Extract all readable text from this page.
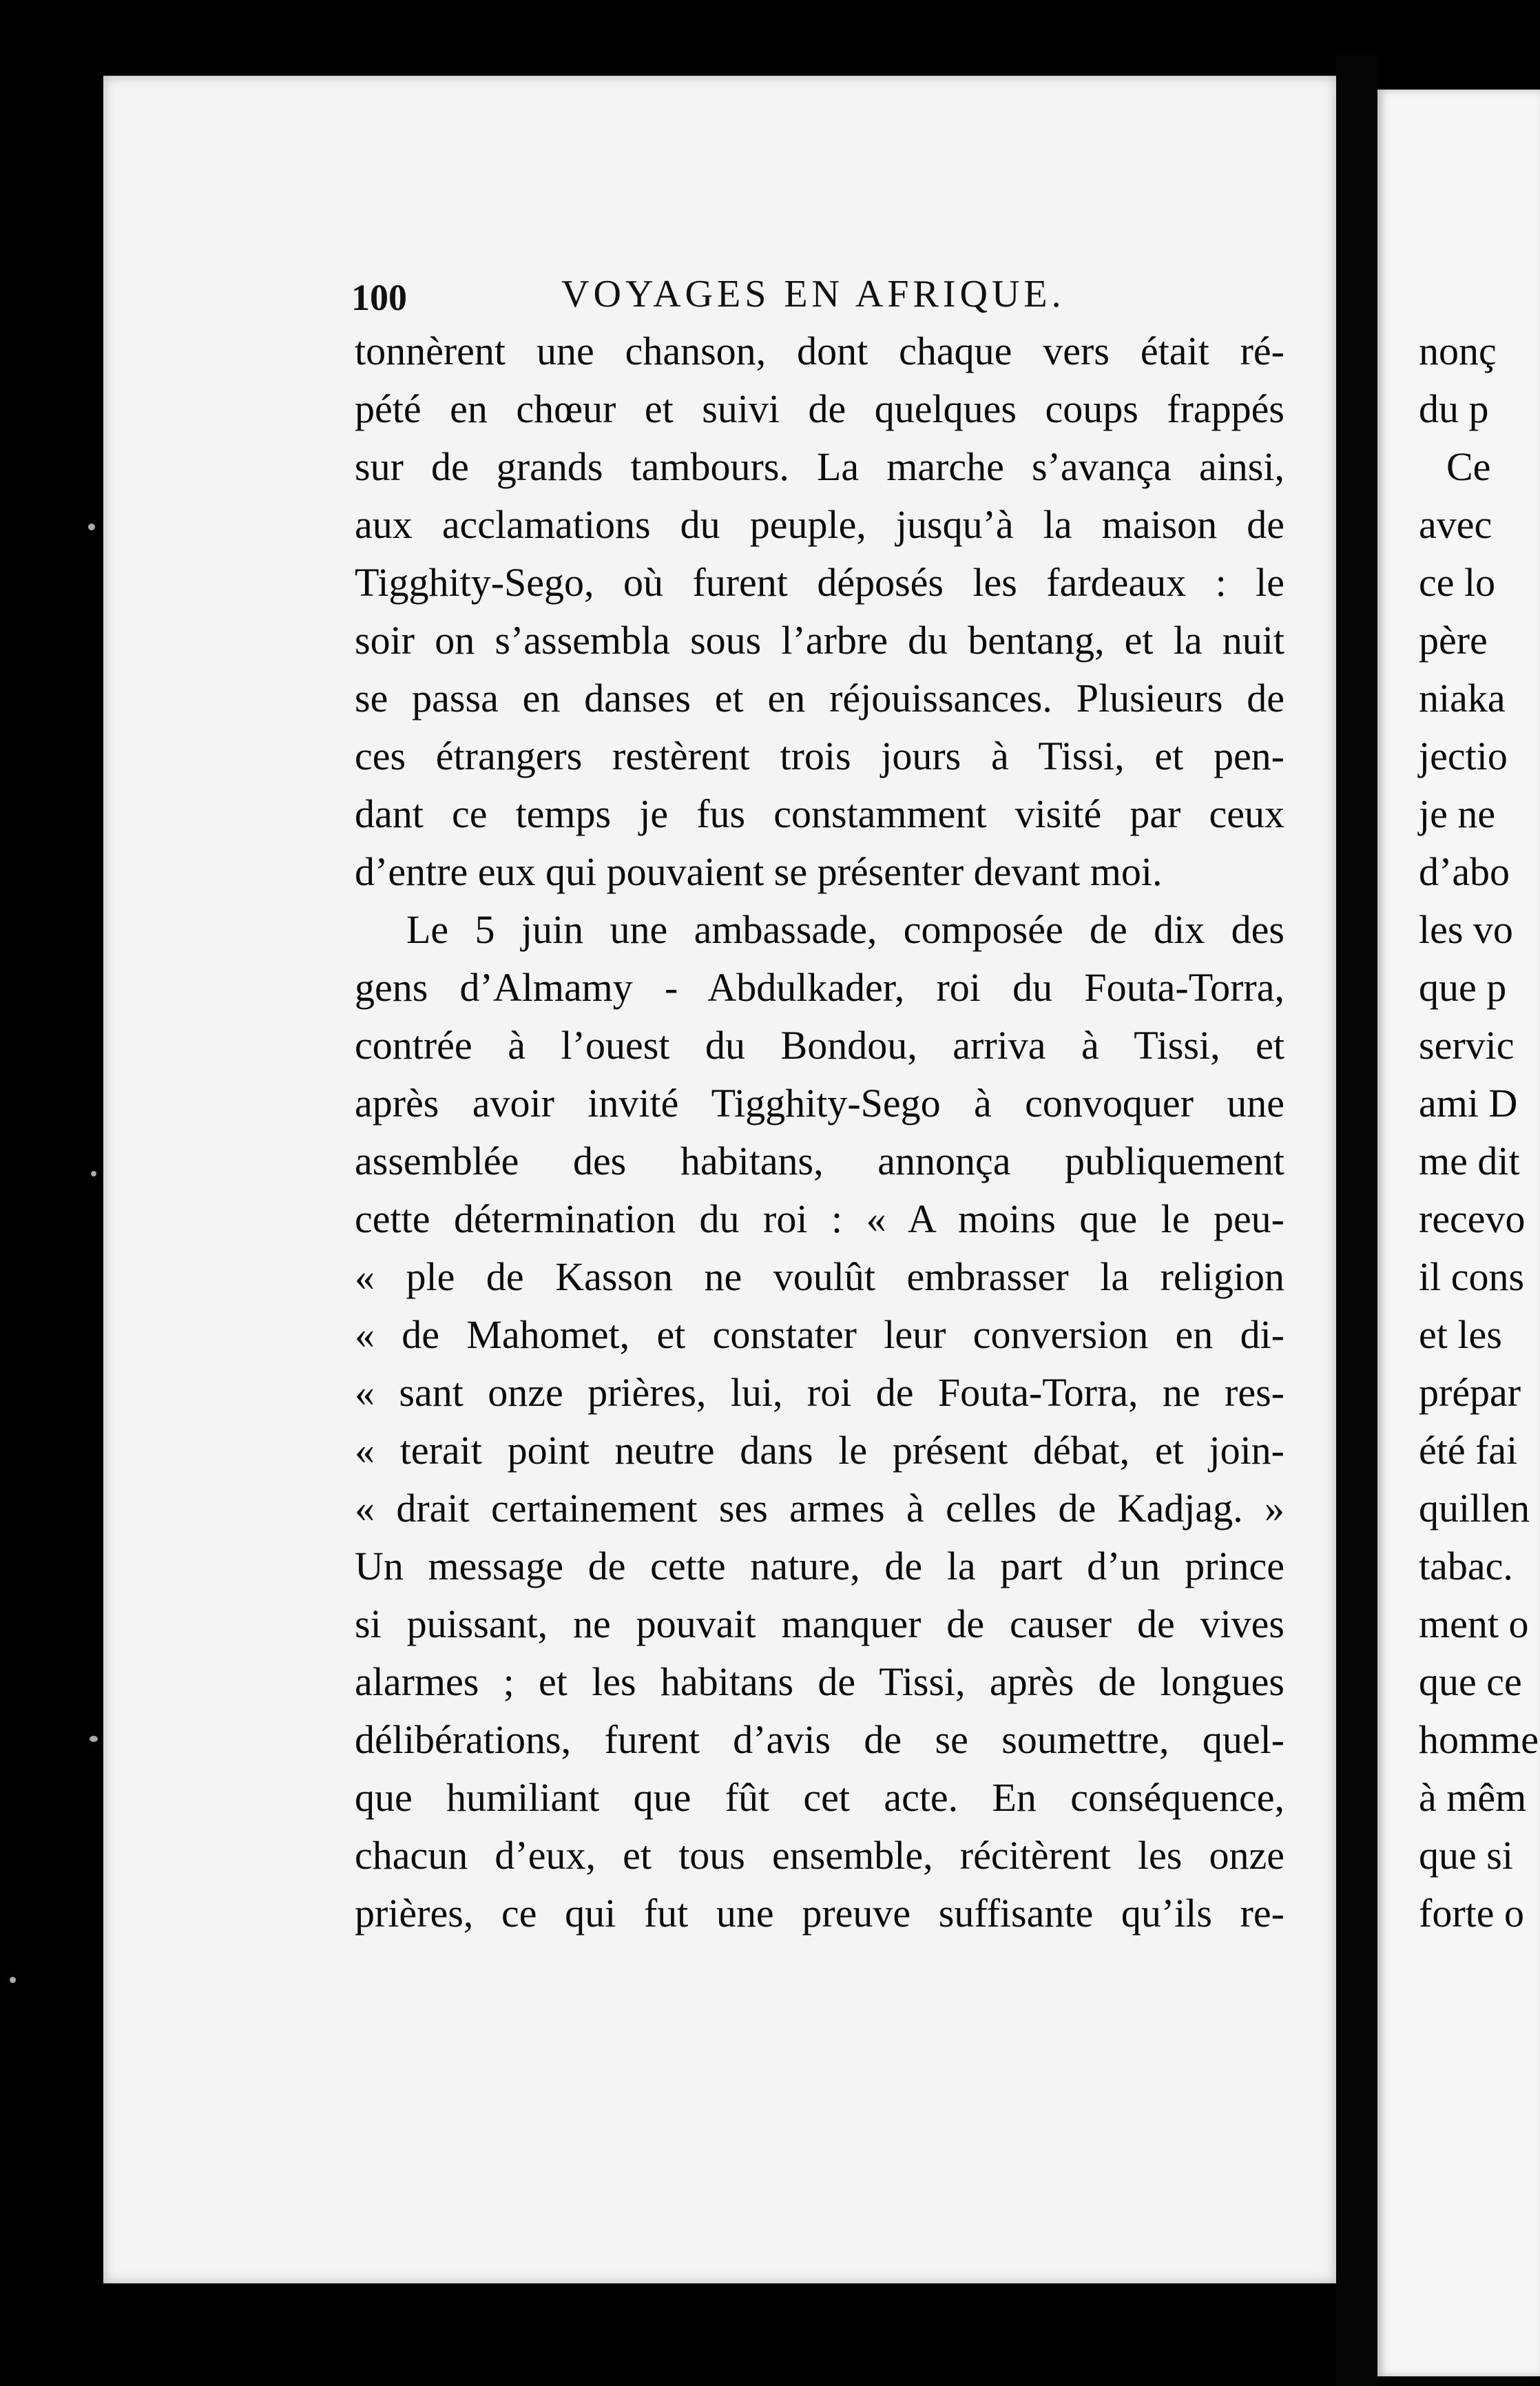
100	VOYAGES EN AFRIQUE.
tonnèrent une chanson, dont chaque vers était ré-
pété en chœur et suivi de quelques coups frappés
sur de grands tambours. La marche s’avança ainsi,
aux acclamations du peuple, jusqu’à la maison de
Tigghity-Sego, où furent déposés les fardeaux : le
soir on s’assembla sous l’arbre du bentang, et la nuit
se passa en danses et en réjouissances. Plusieurs de
ces étrangers restèrent trois jours à Tissi, et pen-
dant ce temps je fus constamment visité par ceux
d’entre eux qui pouvaient se présenter devant moi.
Le 5 juin une ambassade, composée de dix des
gens d’Almamy - Abdulkader, roi du Fouta-Torra,
contrée à l’ouest du Bondou, arriva à Tissi, et
après avoir invité Tigghity-Sego à convoquer une
assemblée des habitans, annonça publiquement
cette détermination du roi : « A moins que le peu-
« ple de Kasson ne voulût embrasser la religion
« de Mahomet, et constater leur conversion en di-
« sant onze prières, lui, roi de Fouta-Torra, ne res-
« terait point neutre dans le présent débat, et join-
« drait certainement ses armes à celles de Kadjag. »
Un message de cette nature, de la part d’un prince
si puissant, ne pouvait manquer de causer de vives
alarmes ; et les habitans de Tissi, après de longues
délibérations, furent d’avis de se soumettre, quel-
que humiliant que fût cet acte. En conséquence,
chacun d’eux, et tous ensemble, récitèrent les onze
prières, ce qui fut une preuve suffisante qu’ils re-
nonç
du p
Ce
avec
ce lo
père
niaka
jectio
je ne
d’abo
les vo
que p
servic
ami D
me dit
recevo
il cons
et les
prépar
été fai
quillen
tabac.
ment o
que ce
homme
à mêm
que si
forte o
